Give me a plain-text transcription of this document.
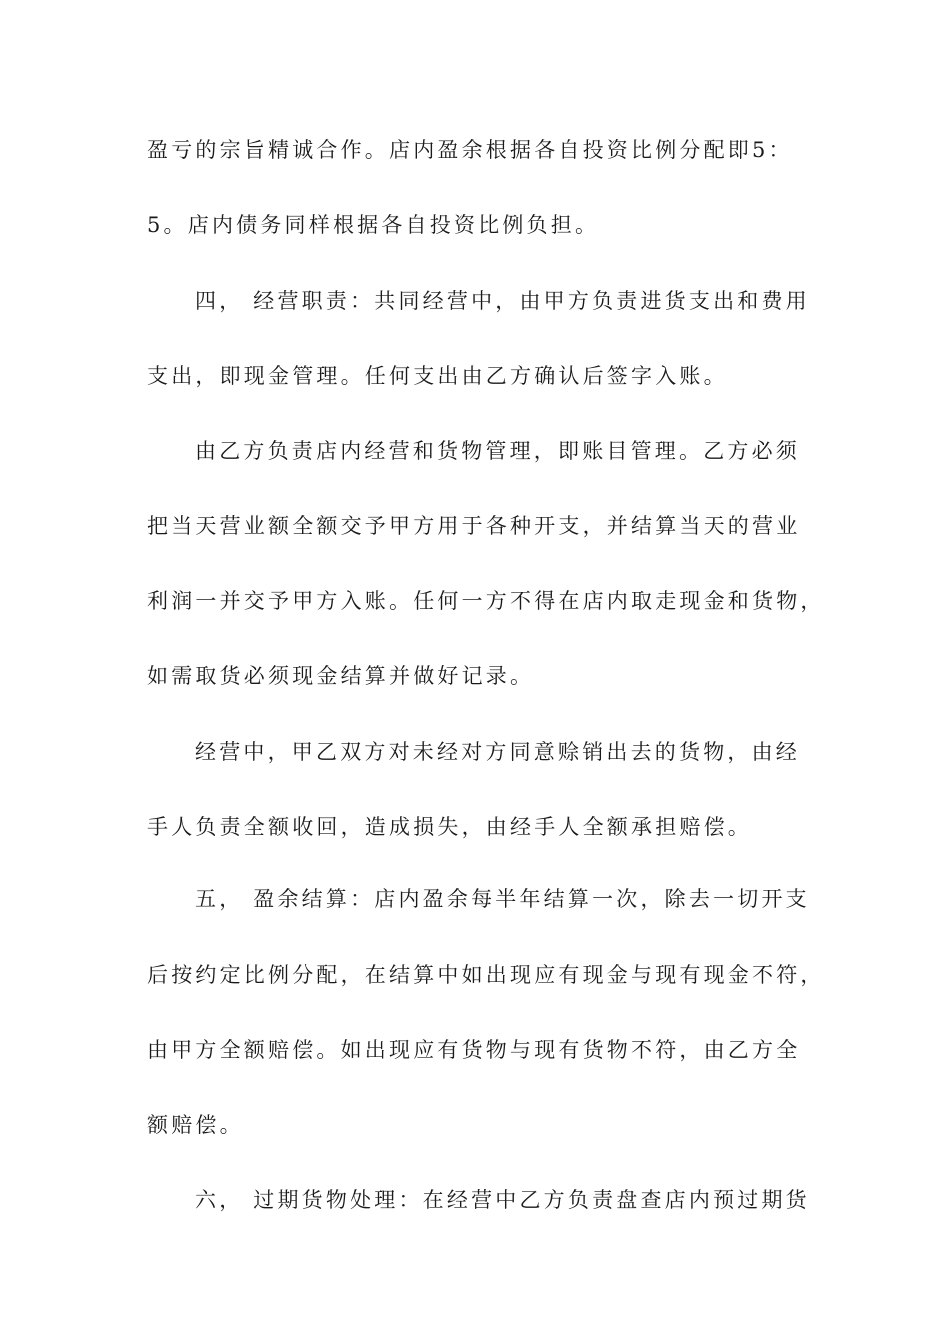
盈亏的宗旨精诚合作。店内盈余根据各自投资比例分配即5：
5。店内债务同样根据各自投资比例负担。
四， 经营职责：共同经营中，由甲方负责进货支出和费用
支出，即现金管理。任何支出由乙方确认后签字入账。
由乙方负责店内经营和货物管理，即账目管理。乙方必须
把当天营业额全额交予甲方用于各种开支，并结算当天的营业
利润一并交予甲方入账。任何一方不得在店内取走现金和货物，
如需取货必须现金结算并做好记录。
经营中，甲乙双方对未经对方同意赊销出去的货物，由经
手人负责全额收回，造成损失，由经手人全额承担赔偿。
五， 盈余结算：店内盈余每半年结算一次，除去一切开支
后按约定比例分配，在结算中如出现应有现金与现有现金不符，
由甲方全额赔偿。如出现应有货物与现有货物不符，由乙方全
额赔偿。
六， 过期货物处理：在经营中乙方负责盘查店内预过期货
